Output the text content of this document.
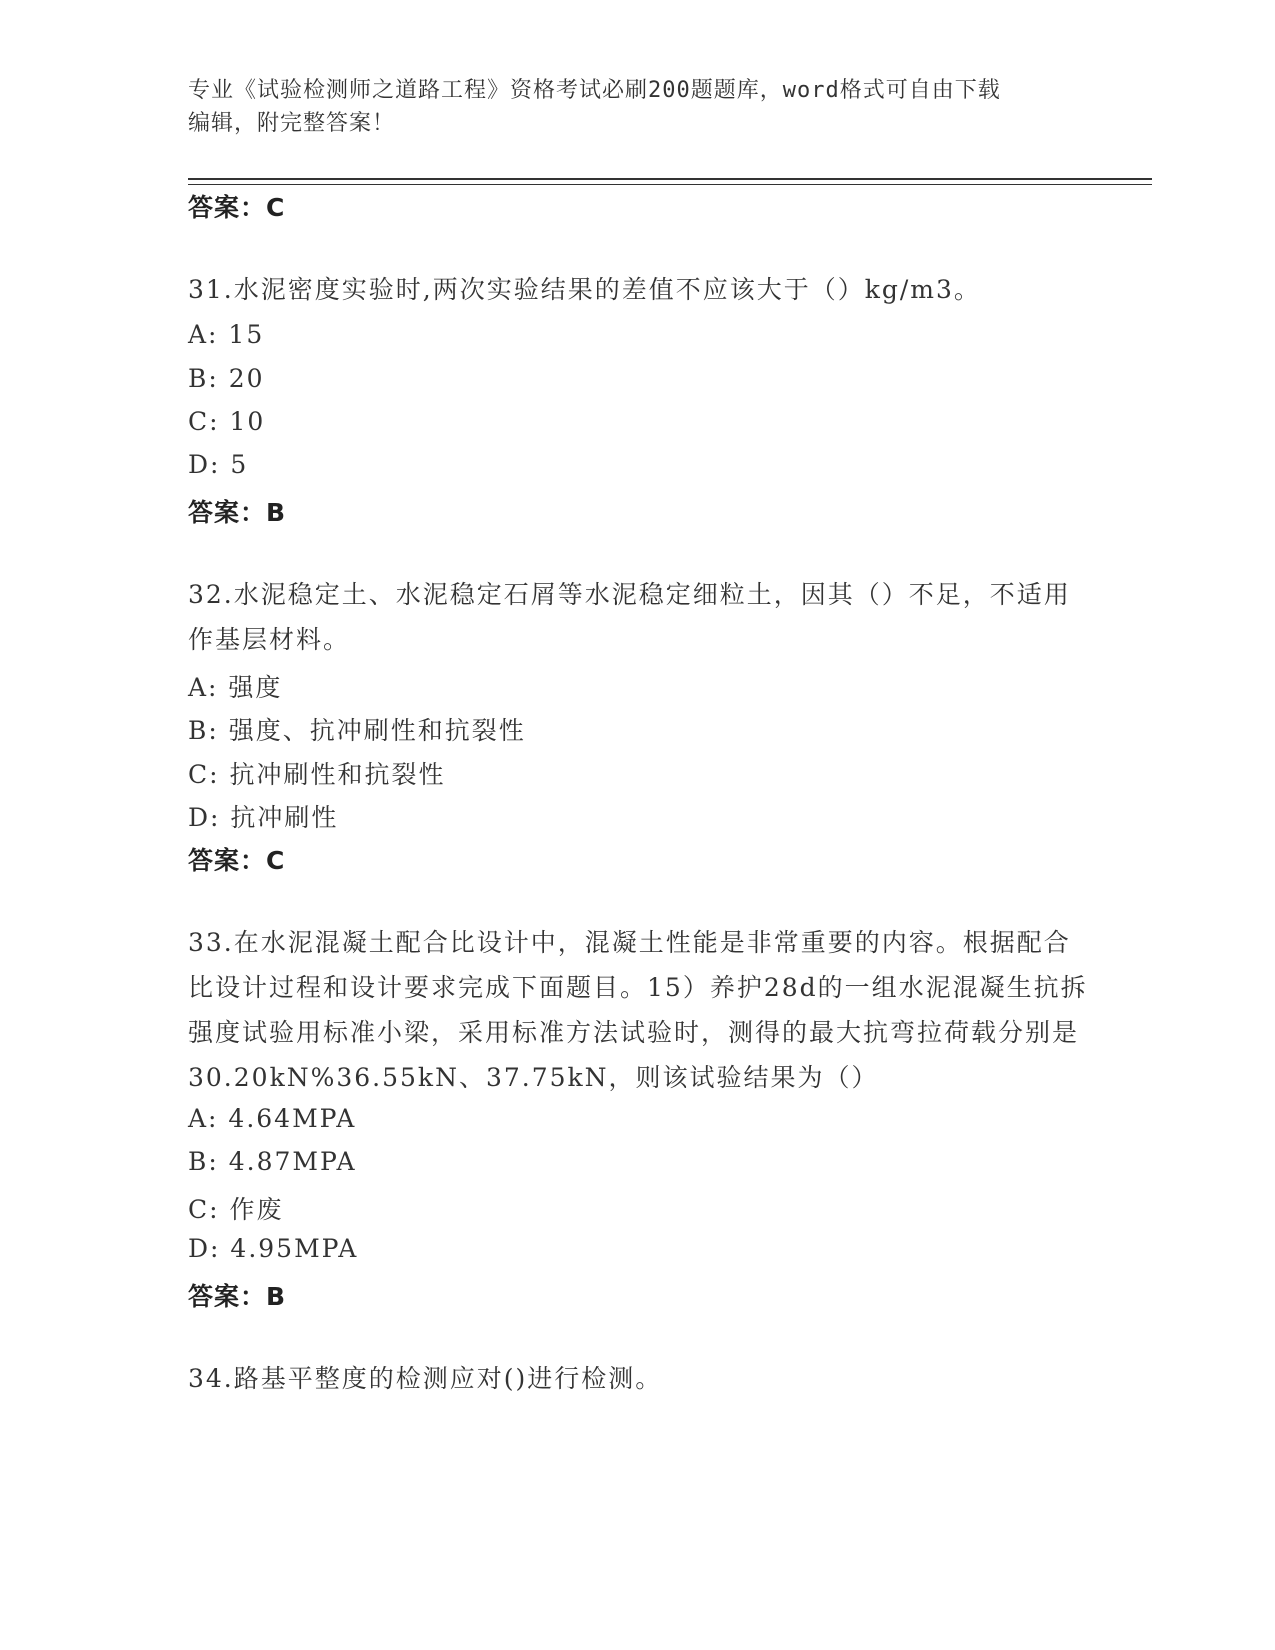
专业《试验检测师之道路工程》资格考试必刷200题题库，word格式可自由下载
编辑，附完整答案！
答案：C
31.水泥密度实验时,两次实验结果的差值不应该大于（）kg/m3。
A: 15
B: 20
C: 10
D: 5
答案：B
32.水泥稳定土、水泥稳定石屑等水泥稳定细粒土，因其（）不足，不适用作基层材料。
A: 强度
B: 强度、抗冲刷性和抗裂性
C: 抗冲刷性和抗裂性
D: 抗冲刷性
答案：C
33.在水泥混凝土配合比设计中，混凝土性能是非常重要的内容。根据配合比设计过程和设计要求完成下面题目。15）养护28d的一组水泥混凝生抗拆强度试验用标准小梁，采用标准方法试验时，测得的最大抗弯拉荷载分别是30.20kN%36.55kN、37.75kN，则该试验结果为（）
A: 4.64MPA
B: 4.87MPA
C: 作废
D: 4.95MPA
答案：B
34.路基平整度的检测应对()进行检测。
